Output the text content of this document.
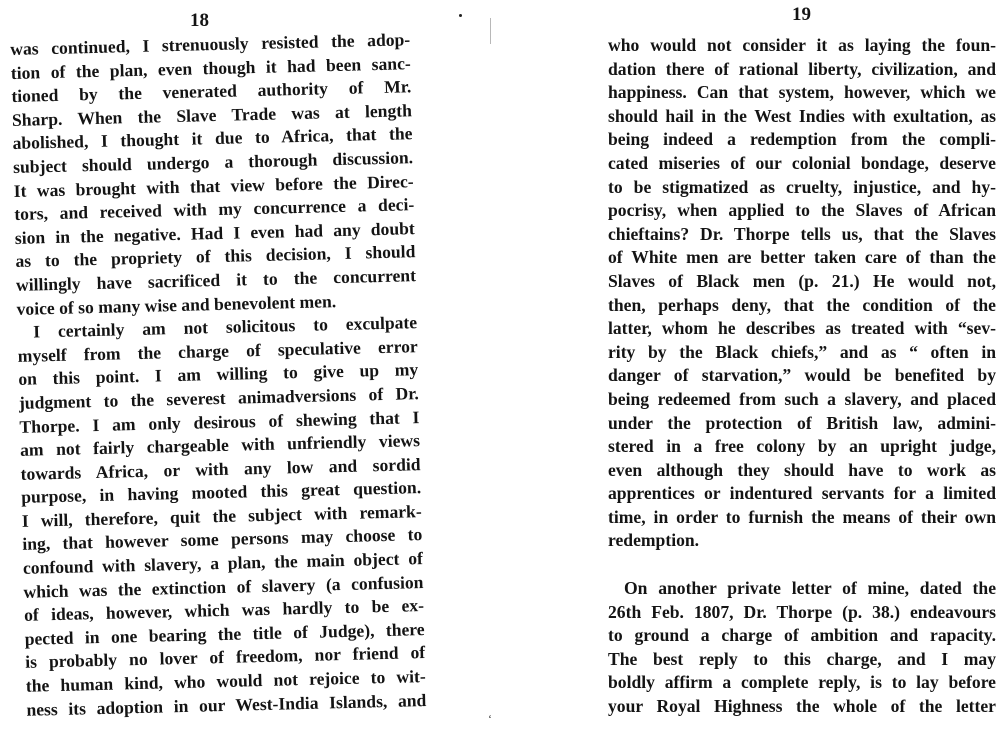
18
was continued, I strenuously resisted the adop-
tion of the plan, even though it had been sanc-
tioned by the venerated authority of Mr.
Sharp. When the Slave Trade was at length
abolished, I thought it due to Africa, that the
subject should undergo a thorough discussion.
It was brought with that view before the Direc-
tors, and received with my concurrence a deci-
sion in the negative. Had I even had any doubt
as to the propriety of this decision, I should
willingly have sacrificed it to the concurrent
voice of so many wise and benevolent men.
I certainly am not solicitous to exculpate
myself from the charge of speculative error
on this point. I am willing to give up my
judgment to the severest animadversions of Dr.
Thorpe. I am only desirous of shewing that I
am not fairly chargeable with unfriendly views
towards Africa, or with any low and sordid
purpose, in having mooted this great question.
I will, therefore, quit the subject with remark-
ing, that however some persons may choose to
confound with slavery, a plan, the main object of
which was the extinction of slavery (a confusion
of ideas, however, which was hardly to be ex-
pected in one bearing the title of Judge), there
is probably no lover of freedom, nor friend of
the human kind, who would not rejoice to wit-
ness its adoption in our West-India Islands, and	‘
19
who would not consider it as laying the foun-
dation there of rational liberty, civilization, and
happiness. Can that system, however, which we
should hail in the West Indies with exultation, as
being indeed a redemption from the compli-
cated miseries of our colonial bondage, deserve
to be stigmatized as cruelty, injustice, and hy-
pocrisy, when applied to the Slaves of African
chieftains? Dr. Thorpe tells us, that the Slaves
of White men are better taken care of than the
Slaves of Black men (p. 21.) He would not,
then, perhaps deny, that the condition of the
latter, whom he describes as treated with “sev-
rity by the Black chiefs,” and as “ often in
danger of starvation,” would be benefited by
being redeemed from such a slavery, and placed
under the protection of British law, admini-
stered in a free colony by an upright judge,
even although they should have to work as
apprentices or indentured servants for a limited
time, in order to furnish the means of their own
redemption.
On another private letter of mine, dated the
26th Feb. 1807, Dr. Thorpe (p. 38.) endeavours
to ground a charge of ambition and rapacity.
The best reply to this charge, and I may
boldly affirm a complete reply, is to lay before
your Royal Highness the whole of the letter
